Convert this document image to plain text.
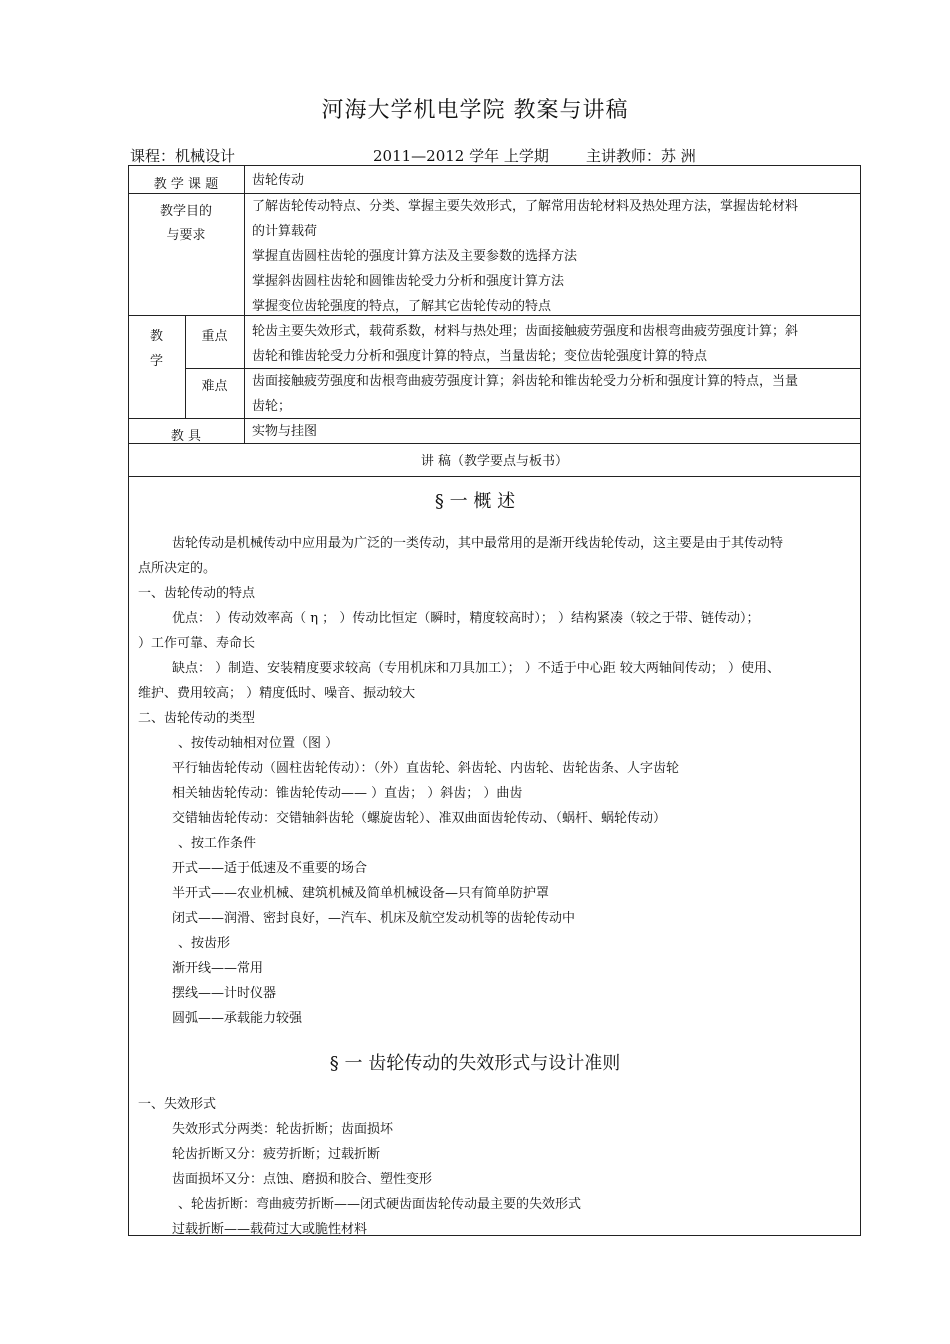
河海大学机电学院 教案与讲稿
课程：机械设计	2011—2012 学年 上学期 主讲教师：苏 洲
教 学 课 题	齿轮传动
教学目的
与要求
了解齿轮传动特点、分类、掌握主要失效形式，了解常用齿轮材料及热处理方法，掌握齿轮材料
的计算载荷
掌握直齿圆柱齿轮的强度计算方法及主要参数的选择方法
掌握斜齿圆柱齿轮和圆锥齿轮受力分析和强度计算方法
掌握变位齿轮强度的特点，了解其它齿轮传动的特点
教
学
重点	轮齿主要失效形式，载荷系数，材料与热处理；齿面接触疲劳强度和齿根弯曲疲劳强度计算；斜
齿轮和锥齿轮受力分析和强度计算的特点，当量齿轮；变位齿轮强度计算的特点
难点	齿面接触疲劳强度和齿根弯曲疲劳强度计算；斜齿轮和锥齿轮受力分析和强度计算的特点，当量
齿轮；
教 具	实物与挂图
讲 稿（教学要点与板书）
§ 一 概 述
齿轮传动是机械传动中应用最为广泛的一类传动，其中最常用的是渐开线齿轮传动，这主要是由于其传动特
点所决定的。
一、齿轮传动的特点
优点： ）传动效率高（ η ； ）传动比恒定（瞬时，精度较高时）； ）结构紧凑（较之于带、链传动）；
）工作可靠、寿命长
缺点： ）制造、安装精度要求较高（专用机床和刀具加工）； ）不适于中心距 较大两轴间传动； ）使用、
维护、费用较高； ）精度低时、噪音、振动较大
二、齿轮传动的类型
、按传动轴相对位置（图 ）
平行轴齿轮传动（圆柱齿轮传动）：（外）直齿轮、斜齿轮、内齿轮、齿轮齿条、人字齿轮
相关轴齿轮传动：锥齿轮传动—— ）直齿； ）斜齿； ）曲齿
交错轴齿轮传动：交错轴斜齿轮（螺旋齿轮）、准双曲面齿轮传动、（蜗杆、蜗轮传动）
、按工作条件
开式——适于低速及不重要的场合
半开式——农业机械、建筑机械及简单机械设备—只有简单防护罩
闭式——润滑、密封良好，—汽车、机床及航空发动机等的齿轮传动中
、按齿形
渐开线——常用
摆线——计时仪器
圆弧——承载能力较强
§ 一 齿轮传动的失效形式与设计准则
一、失效形式
失效形式分两类：轮齿折断；齿面损坏
轮齿折断又分：疲劳折断；过载折断
齿面损坏又分：点蚀、磨损和胶合、塑性变形
、轮齿折断：弯曲疲劳折断——闭式硬齿面齿轮传动最主要的失效形式
过载折断——载荷过大或脆性材料
